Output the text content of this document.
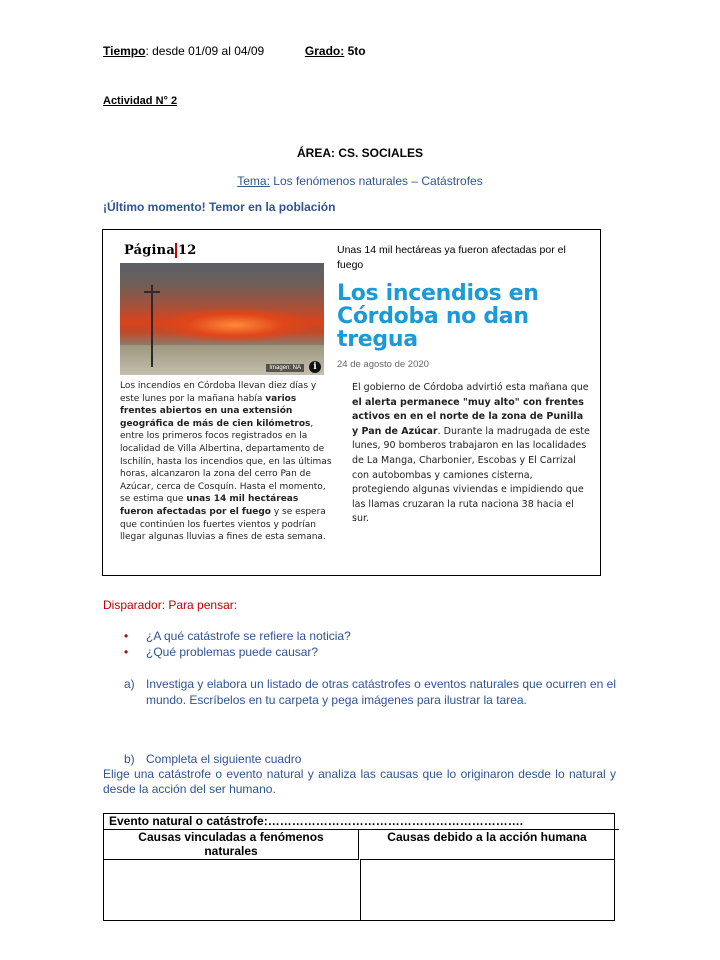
Tiempo: desde 01/09 al 04/09	Grado: 5to
Actividad N° 2
ÁREA: CS. SOCIALES
Tema: Los fenómenos naturales – Catástrofes
¡Último momento! Temor en la población
Página 12
Imagen: NA	i
Unas 14 mil hectáreas ya fueron afectadas por el fuego
Los incendios en Córdoba no dan tregua
24 de agosto de 2020
Los incendios en Córdoba llevan diez días y este lunes por la mañana había varios frentes abiertos en una extensión geográfica de más de cien kilómetros, entre los primeros focos registrados en la localidad de Villa Albertina, departamento de Ischilín, hasta los incendios que, en las últimas horas, alcanzaron la zona del cerro Pan de Azúcar, cerca de Cosquín. Hasta el momento, se estima que unas 14 mil hectáreas fueron afectadas por el fuego y se espera que continúen los fuertes vientos y podrían llegar algunas lluvias a fines de esta semana.
El gobierno de Córdoba advirtió esta mañana que el alerta permanece "muy alto" con frentes activos en en el norte de la zona de Punilla y Pan de Azúcar. Durante la madrugada de este lunes, 90 bomberos trabajaron en las localidades de La Manga, Charbonier, Escobas y El Carrizal con autobombas y camiones cisterna, protegiendo algunas viviendas e impidiendo que las llamas cruzaran la ruta naciona 38 hacia el sur.
Disparador: Para pensar:
• ¿A qué catástrofe se refiere la noticia?
• ¿Qué problemas puede causar?
a) Investiga y elabora un listado de otras catástrofes o eventos naturales que ocurren en el mundo. Escríbelos en tu carpeta y pega imágenes para ilustrar la tarea.
b) Completa el siguiente cuadro
Elige una catástrofe o evento natural y analiza las causas que lo originaron desde lo natural y desde la acción del ser humano.
Evento natural o catástrofe:……………………………………………………….
Causas vinculadas a fenómenos naturales
Causas debido a la acción humana
